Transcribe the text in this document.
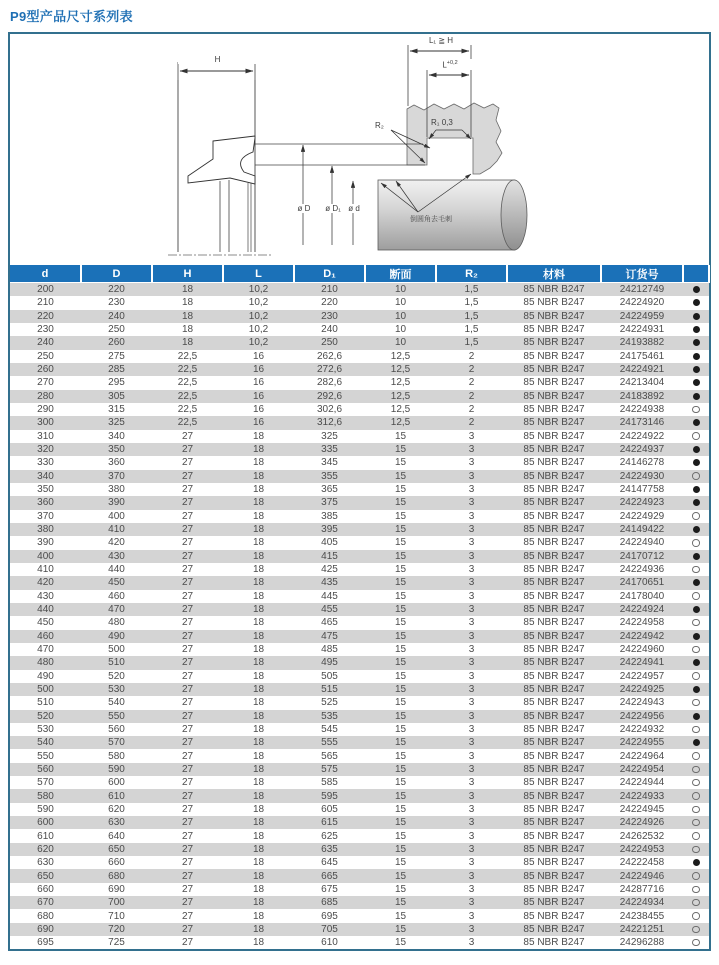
P9型产品尺寸系列表
H
L₁ ≧ H
$L^{+0,2}$
R₁ 0,3
R₂
ø D	ø D₁ ø d
倒圆角去毛刺
d	D	H	L	D₁	断面	R₂	材料	订货号	
200	220	18	10,2	210	10	1,5	85 NBR B247	24212749	
210	230	18	10,2	220	10	1,5	85 NBR B247	24224920	
220	240	18	10,2	230	10	1,5	85 NBR B247	24224959	
230	250	18	10,2	240	10	1,5	85 NBR B247	24224931	
240	260	18	10,2	250	10	1,5	85 NBR B247	24193882	
250	275	22,5	16	262,6	12,5	2	85 NBR B247	24175461	
260	285	22,5	16	272,6	12,5	2	85 NBR B247	24224921	
270	295	22,5	16	282,6	12,5	2	85 NBR B247	24213404	
280	305	22,5	16	292,6	12,5	2	85 NBR B247	24183892	
290	315	22,5	16	302,6	12,5	2	85 NBR B247	24224938	
300	325	22,5	16	312,6	12,5	2	85 NBR B247	24173146	
310	340	27	18	325	15	3	85 NBR B247	24224922	
320	350	27	18	335	15	3	85 NBR B247	24224937	
330	360	27	18	345	15	3	85 NBR B247	24146278	
340	370	27	18	355	15	3	85 NBR B247	24224930	
350	380	27	18	365	15	3	85 NBR B247	24147758	
360	390	27	18	375	15	3	85 NBR B247	24224923	
370	400	27	18	385	15	3	85 NBR B247	24224929	
380	410	27	18	395	15	3	85 NBR B247	24149422	
390	420	27	18	405	15	3	85 NBR B247	24224940	
400	430	27	18	415	15	3	85 NBR B247	24170712	
410	440	27	18	425	15	3	85 NBR B247	24224936	
420	450	27	18	435	15	3	85 NBR B247	24170651	
430	460	27	18	445	15	3	85 NBR B247	24178040	
440	470	27	18	455	15	3	85 NBR B247	24224924	
450	480	27	18	465	15	3	85 NBR B247	24224958	
460	490	27	18	475	15	3	85 NBR B247	24224942	
470	500	27	18	485	15	3	85 NBR B247	24224960	
480	510	27	18	495	15	3	85 NBR B247	24224941	
490	520	27	18	505	15	3	85 NBR B247	24224957	
500	530	27	18	515	15	3	85 NBR B247	24224925	
510	540	27	18	525	15	3	85 NBR B247	24224943	
520	550	27	18	535	15	3	85 NBR B247	24224956	
530	560	27	18	545	15	3	85 NBR B247	24224932	
540	570	27	18	555	15	3	85 NBR B247	24224955	
550	580	27	18	565	15	3	85 NBR B247	24224964	
560	590	27	18	575	15	3	85 NBR B247	24224954	
570	600	27	18	585	15	3	85 NBR B247	24224944	
580	610	27	18	595	15	3	85 NBR B247	24224933	
590	620	27	18	605	15	3	85 NBR B247	24224945	
600	630	27	18	615	15	3	85 NBR B247	24224926	
610	640	27	18	625	15	3	85 NBR B247	24262532	
620	650	27	18	635	15	3	85 NBR B247	24224953	
630	660	27	18	645	15	3	85 NBR B247	24222458	
650	680	27	18	665	15	3	85 NBR B247	24224946	
660	690	27	18	675	15	3	85 NBR B247	24287716	
670	700	27	18	685	15	3	85 NBR B247	24224934	
680	710	27	18	695	15	3	85 NBR B247	24238455	
690	720	27	18	705	15	3	85 NBR B247	24221251	
695	725	27	18	610	15	3	85 NBR B247	24296288	
